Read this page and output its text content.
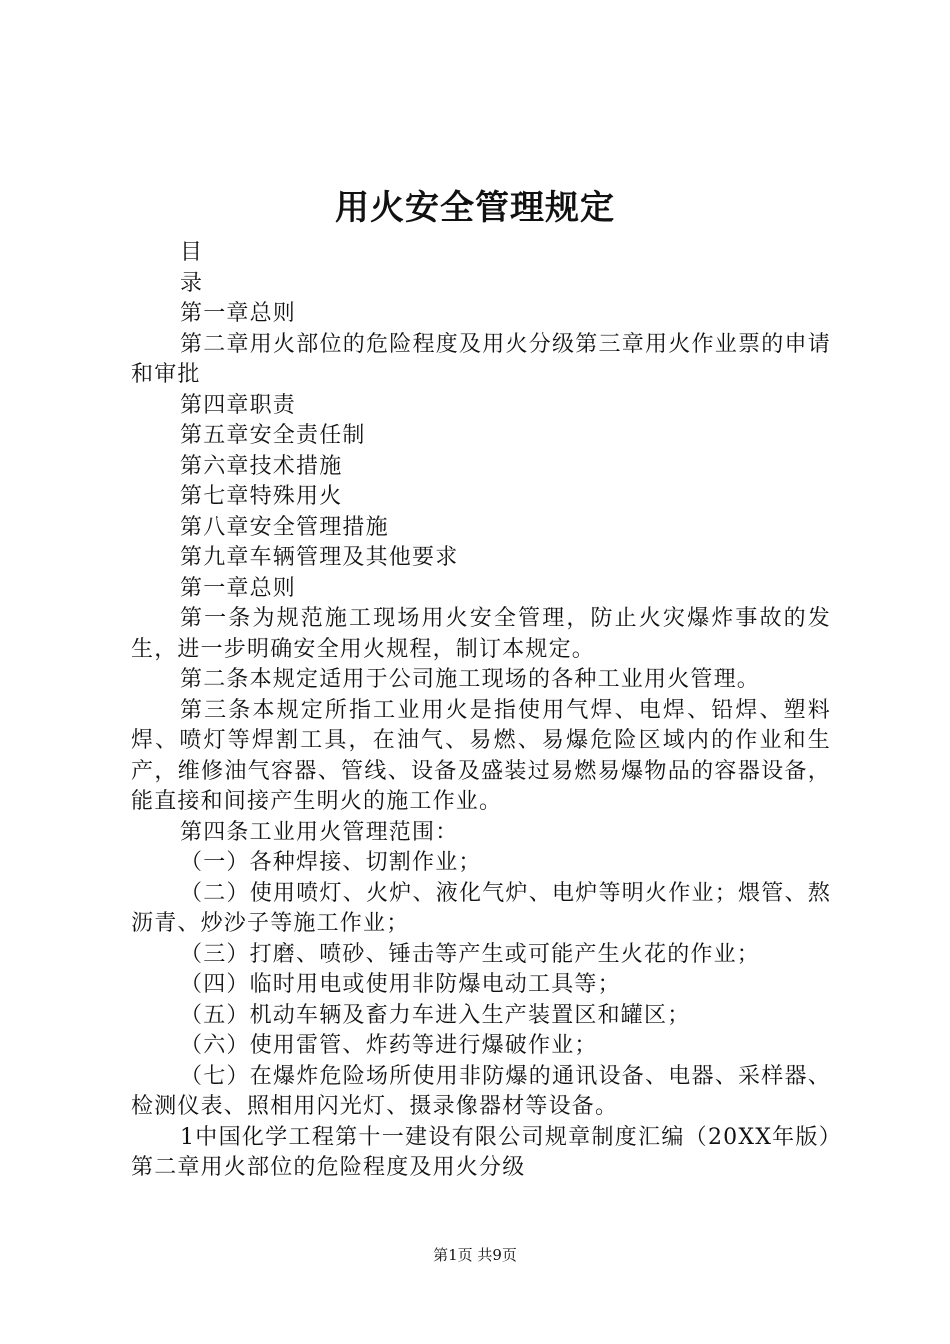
用火安全管理规定

目

录

第一章总则

第二章用火部位的危险程度及用火分级第三章用火作业票的申请和审批

第四章职责

第五章安全责任制

第六章技术措施

第七章特殊用火

第八章安全管理措施

第九章车辆管理及其他要求

第一章总则

第一条为规范施工现场用火安全管理，防止火灾爆炸事故的发生，进一步明确安全用火规程，制订本规定。

第二条本规定适用于公司施工现场的各种工业用火管理。

第三条本规定所指工业用火是指使用气焊、电焊、铅焊、塑料焊、喷灯等焊割工具，在油气、易燃、易爆危险区域内的作业和生产，维修油气容器、管线、设备及盛装过易燃易爆物品的容器设备，能直接和间接产生明火的施工作业。

第四条工业用火管理范围：

（一）各种焊接、切割作业；

（二）使用喷灯、火炉、液化气炉、电炉等明火作业；煨管、熬沥青、炒沙子等施工作业；

（三）打磨、喷砂、锤击等产生或可能产生火花的作业；

（四）临时用电或使用非防爆电动工具等；

（五）机动车辆及畜力车进入生产装置区和罐区；

（六）使用雷管、炸药等进行爆破作业；

（七）在爆炸危险场所使用非防爆的通讯设备、电器、采样器、检测仪表、照相用闪光灯、摄录像器材等设备。

1中国化学工程第十一建设有限公司规章制度汇编（20XX年版）第二章用火部位的危险程度及用火分级

第1页 共9页
